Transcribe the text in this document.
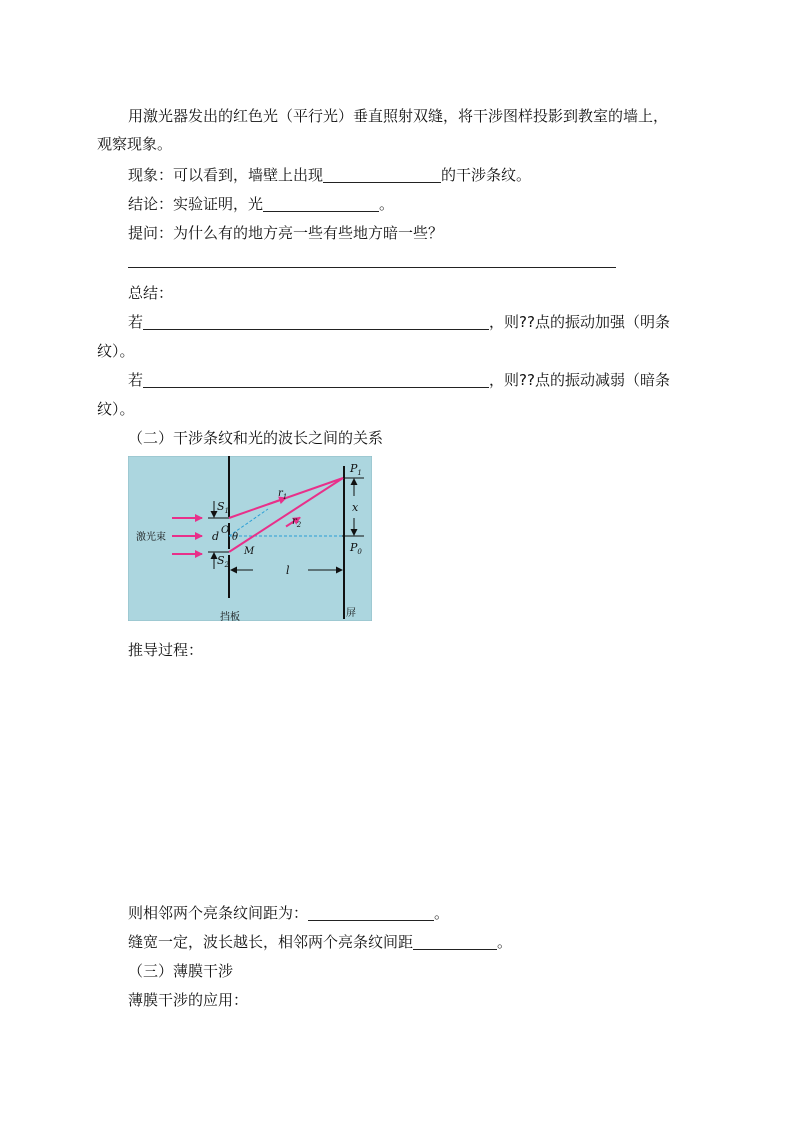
用激光器发出的红色光（平行光）垂直照射双缝，将干涉图样投影到教室的墙上，
观察现象。
现象：可以看到，墙壁上出现	的干涉条纹。
结论：实验证明，光	。
提问：为什么有的地方亮一些有些地方暗一些？
总结：
若	，则??点的振动加强（明条
纹）。
若	，则??点的振动减弱（暗条
纹）。
（二）干涉条纹和光的波长之间的关系
激光束
挡板	屏
$S_1$
$S_2$
d O
θ
M
l
x
$P_1$
$P_0$
$r_1$
$r_2$
推导过程：
则相邻两个亮条纹间距为：	。
缝宽一定，波长越长，相邻两个亮条纹间距	。
（三）薄膜干涉
薄膜干涉的应用：
